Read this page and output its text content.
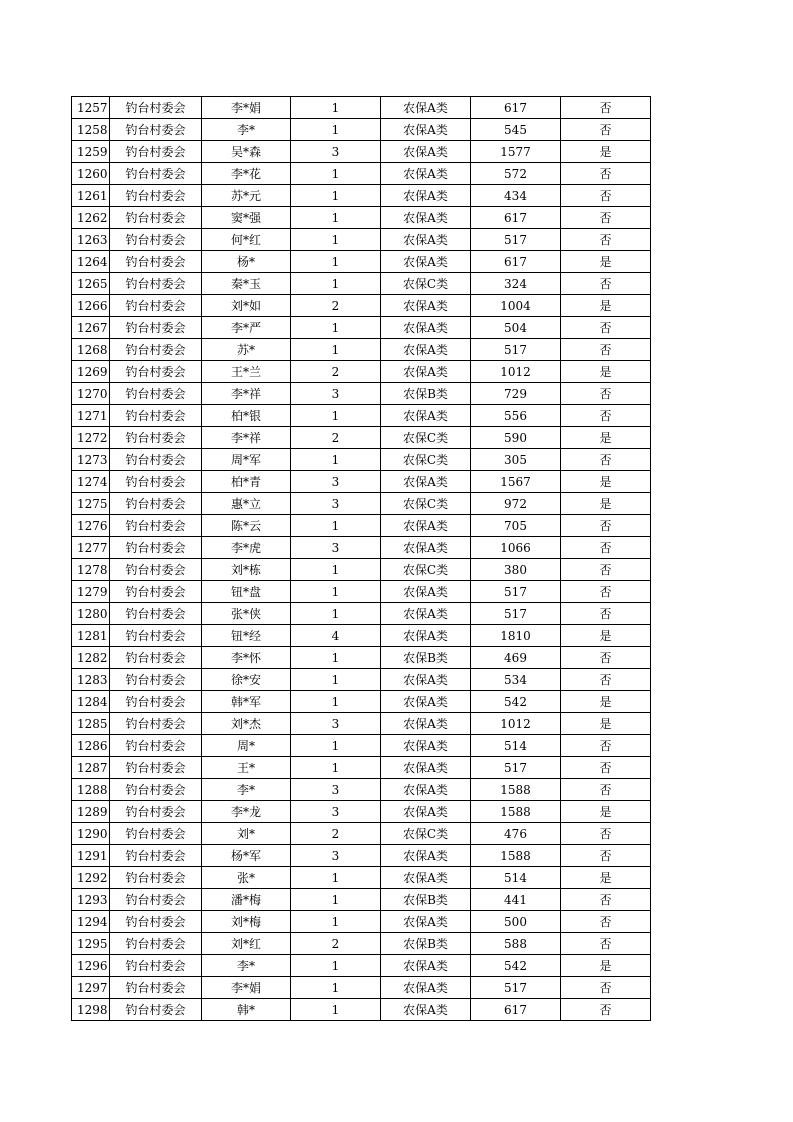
1257	钓台村委会	李*娟	1	农保A类	617	否
1258	钓台村委会	李*	1	农保A类	545	否
1259	钓台村委会	吴*森	3	农保A类	1577	是
1260	钓台村委会	李*花	1	农保A类	572	否
1261	钓台村委会	苏*元	1	农保A类	434	否
1262	钓台村委会	窦*强	1	农保A类	617	否
1263	钓台村委会	何*红	1	农保A类	517	否
1264	钓台村委会	杨*	1	农保A类	617	是
1265	钓台村委会	秦*玉	1	农保C类	324	否
1266	钓台村委会	刘*如	2	农保A类	1004	是
1267	钓台村委会	李*严	1	农保A类	504	否
1268	钓台村委会	苏*	1	农保A类	517	否
1269	钓台村委会	王*兰	2	农保A类	1012	是
1270	钓台村委会	李*祥	3	农保B类	729	否
1271	钓台村委会	柏*银	1	农保A类	556	否
1272	钓台村委会	李*祥	2	农保C类	590	是
1273	钓台村委会	周*军	1	农保C类	305	否
1274	钓台村委会	柏*青	3	农保A类	1567	是
1275	钓台村委会	惠*立	3	农保C类	972	是
1276	钓台村委会	陈*云	1	农保A类	705	否
1277	钓台村委会	李*虎	3	农保A类	1066	否
1278	钓台村委会	刘*栋	1	农保C类	380	否
1279	钓台村委会	钮*盘	1	农保A类	517	否
1280	钓台村委会	张*侠	1	农保A类	517	否
1281	钓台村委会	钮*经	4	农保A类	1810	是
1282	钓台村委会	李*怀	1	农保B类	469	否
1283	钓台村委会	徐*安	1	农保A类	534	否
1284	钓台村委会	韩*军	1	农保A类	542	是
1285	钓台村委会	刘*杰	3	农保A类	1012	是
1286	钓台村委会	周*	1	农保A类	514	否
1287	钓台村委会	王*	1	农保A类	517	否
1288	钓台村委会	李*	3	农保A类	1588	否
1289	钓台村委会	李*龙	3	农保A类	1588	是
1290	钓台村委会	刘*	2	农保C类	476	否
1291	钓台村委会	杨*军	3	农保A类	1588	否
1292	钓台村委会	张*	1	农保A类	514	是
1293	钓台村委会	潘*梅	1	农保B类	441	否
1294	钓台村委会	刘*梅	1	农保A类	500	否
1295	钓台村委会	刘*红	2	农保B类	588	否
1296	钓台村委会	李*	1	农保A类	542	是
1297	钓台村委会	李*娟	1	农保A类	517	否
1298	钓台村委会	韩*	1	农保A类	617	否
